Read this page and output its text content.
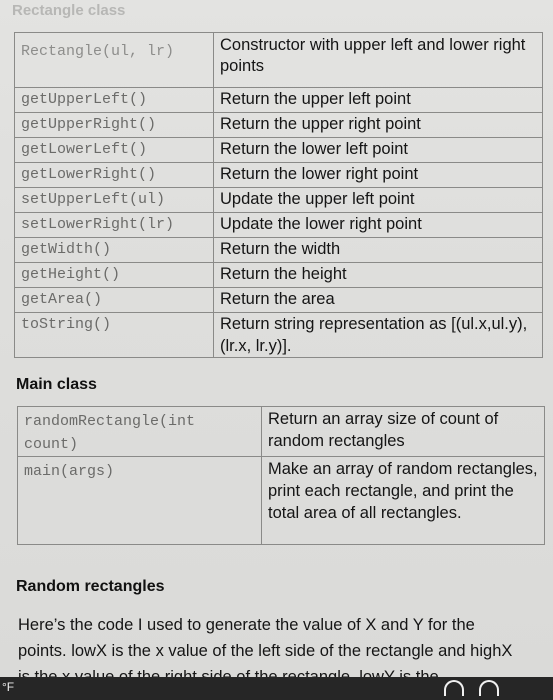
Rectangle class
Rectangle(ul, lr)	Constructor with upper left and lower right points
getUpperLeft()	Return the upper left point
getUpperRight()	Return the upper right point
getLowerLeft()	Return the lower left point
getLowerRight()	Return the lower right point
setUpperLeft(ul)	Update the upper left point
setLowerRight(lr)	Update the lower right point
getWidth()	Return the width
getHeight()	Return the height
getArea()	Return the area
toString()	Return string representation as [(ul.x,ul.y), (lr.x, lr.y)].
Main class
randomRectangle(int count)	Return an array size of count of random rectangles
main(args)	Make an array of random rectangles, print each rectangle, and print the total area of all rectangles.
Random rectangles
Here’s the code I used to generate the value of X and Y for the points. lowX is the x value of the left side of the rectangle and highX
°F
